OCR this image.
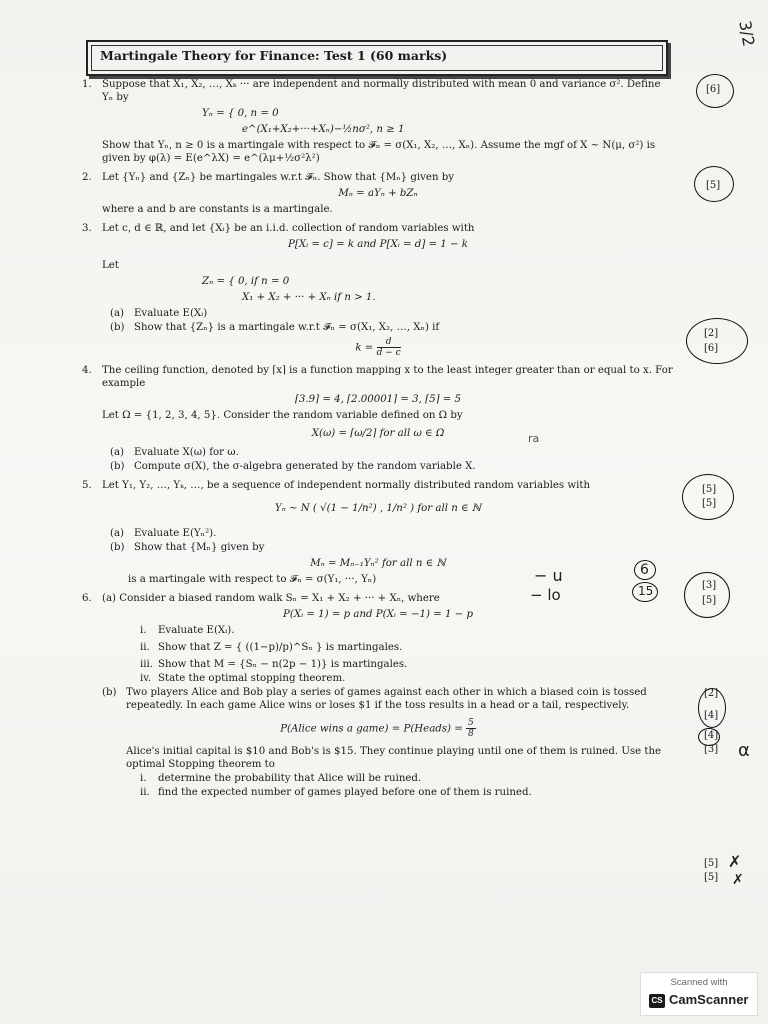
Martingale Theory for Finance: Test 1 (60 marks)
1.	Suppose that X₁, X₂, …, Xₖ ··· are independent and normally distributed with mean 0 and variance σ². Define Yₙ by
Yₙ = { 0, n = 0
e^(X₁+X₂+···+Xₙ)−½nσ², n ≥ 1
Show that Yₙ, n ≥ 0 is a martingale with respect to 𝓕ₙ = σ(X₁, X₂, …, Xₙ). Assume the mgf of X ~ N(μ, σ²) is given by φ(λ) = E(e^λX) = e^(λμ+½σ²λ²)
2.	Let {Yₙ} and {Zₙ} be martingales w.r.t 𝓕ₙ. Show that {Mₙ} given by
Mₙ = aYₙ + bZₙ
where a and b are constants is a martingale.
3.	Let c, d ∈ ℝ, and let {Xᵢ} be an i.i.d. collection of random variables with
P[Xᵢ = c] = k and P[Xᵢ = d] = 1 − k
Let
Zₙ = { 0, if n = 0
X₁ + X₂ + ··· + Xₙ if n > 1.
(a) Evaluate E(Xᵢ)
(b) Show that {Zₙ} is a martingale w.r.t 𝓕ₙ = σ(X₁, X₂, …, Xₙ) if
$k = \frac{d}{d - c}$
4.	The ceiling function, denoted by ⌈x⌉ is a function mapping x to the least integer greater than or equal to x. For example
⌈3.9⌉ = 4, ⌈2.00001⌉ = 3, ⌈5⌉ = 5
Let Ω = {1, 2, 3, 4, 5}. Consider the random variable defined on Ω by
X(ω) = ⌈ω/2⌉ for all ω ∈ Ω
(a) Evaluate X(ω) for ω.
(b) Compute σ(X), the σ-algebra generated by the random variable X.
5.	Let Y₁, Y₂, …, Yₖ, …, be a sequence of independent normally distributed random variables with
Yₙ ~ N ( √(1 − 1/n²) , 1/n² ) for all n ∈ ℕ
(a) Evaluate E(Yₙ²).
(b) Show that {Mₙ} given by
Mₙ = Mₙ₋₁Yₙ² for all n ∈ ℕ
is a martingale with respect to 𝓕ₙ = σ(Y₁, ···, Yₙ)
6.	(a) Consider a biased random walk Sₙ = X₁ + X₂ + ··· + Xₙ, where
P(Xᵢ = 1) = p and P(Xᵢ = −1) = 1 − p
i.	Evaluate E(Xᵢ).
ii. Show that Z = { ((1−p)/p)^Sₙ } is martingales.
iii. Show that M = {Sₙ − n(2p − 1)} is martingales.
iv. State the optimal stopping theorem.
(b) Two players Alice and Bob play a series of games against each other in which a biased coin is tossed repeatedly. In each game Alice wins or loses $1 if the toss results in a head or a tail, respectively.
P(Alice wins a game) = P(Heads) = $\frac{5}{8}$
Alice's initial capital is $10 and Bob's is $15. They continue playing until one of them is ruined. Use the optimal Stopping theorem to
i.	determine the probability that Alice will be ruined.
ii. find the expected number of games played before one of them is ruined.
[6]
[5]
[2]
[6]
[5]
[5]
[3]
[5]
[2]
[4]
[4]
[3]
[5]
[5]
3/2
− u
− lo
6
15
α
✗
✗
ra
Scanned with
CS CamScanner
